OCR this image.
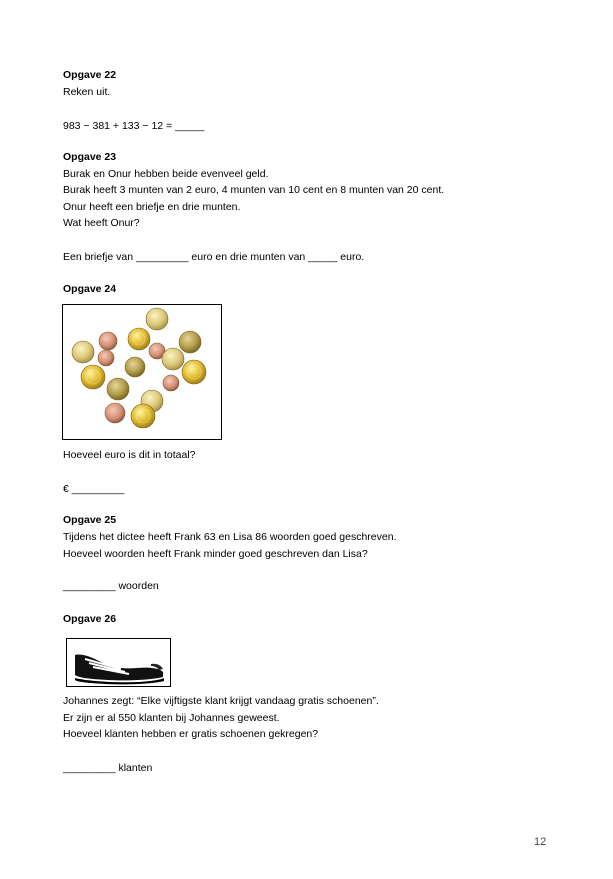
Opgave 22
Reken uit.
983 − 381 + 133 − 12 = _____
Opgave 23
Burak en Onur hebben beide evenveel geld.
Burak heeft 3 munten van 2 euro, 4 munten van 10 cent en 8 munten van 20 cent.
Onur heeft een briefje en drie munten.
Wat heeft Onur?
Een briefje van _________ euro en drie munten van _____ euro.
Opgave 24
Hoeveel euro is dit in totaal?
€ _________
Opgave 25
Tijdens het dictee heeft Frank 63 en Lisa 86 woorden goed geschreven.
Hoeveel woorden heeft Frank minder goed geschreven dan Lisa?
_________ woorden
Opgave 26
Johannes zegt: “Elke vijftigste klant krijgt vandaag gratis schoenen”.
Er zijn er al 550 klanten bij Johannes geweest.
Hoeveel klanten hebben er gratis schoenen gekregen?
_________ klanten
12
